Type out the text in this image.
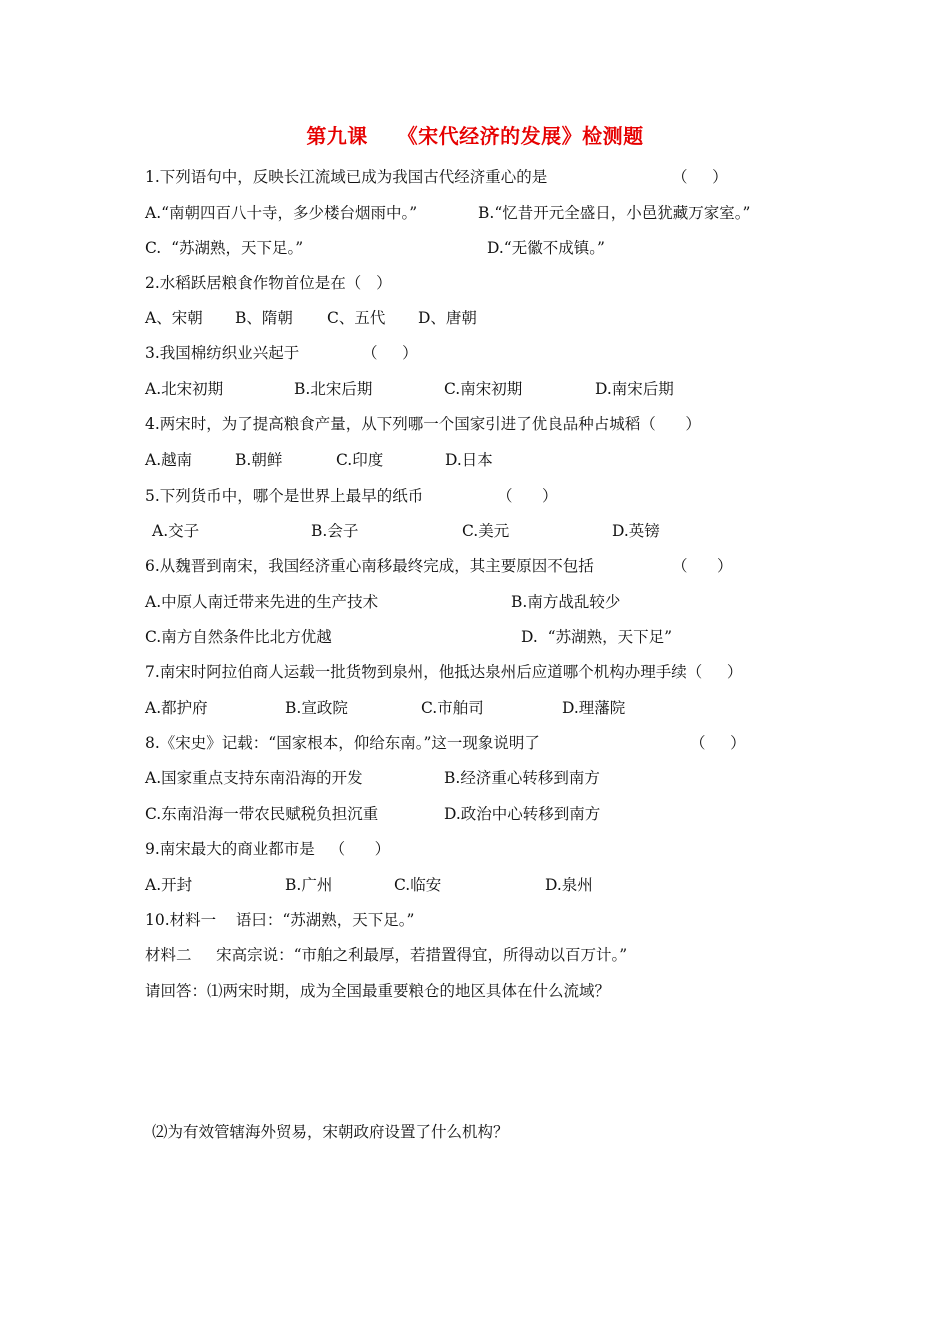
第九课    《宋代经济的发展》检测题
1.下列语句中，反映长江流域已成为我国古代经济重心的是	（     ）
A.“南朝四百八十寺，多少楼台烟雨中。”	B.“忆昔开元全盛日，小邑犹藏万家室。”
C.  “苏湖熟，天下足。”	D.“无徽不成镇。”
2.水稻跃居粮食作物首位是在（   ）
A、宋朝 B、隋朝 C、五代 D、唐朝
3.我国棉纺织业兴起于	（     ）
A.北宋初期	B.北宋后期	C.南宋初期	D.南宋后期
4.两宋时，为了提高粮食产量，从下列哪一个国家引进了优良品种占城稻（      ）
A.越南	B.朝鲜	C.印度	D.日本
5.下列货币中，哪个是世界上最早的纸币	（      ）
A.交子	B.会子	C.美元	D.英镑
6.从魏晋到南宋，我国经济重心南移最终完成，其主要原因不包括	（      ）
A.中原人南迁带来先进的生产技术	B.南方战乱较少
C.南方自然条件比北方优越	D.  “苏湖熟，天下足”
7.南宋时阿拉伯商人运载一批货物到泉州，他抵达泉州后应道哪个机构办理手续（     ）
A.都护府	B.宣政院	C.市舶司	D.理藩院
8.《宋史》记载：“国家根本，仰给东南。”这一现象说明了	（     ）
A.国家重点支持东南沿海的开发	B.经济重心转移到南方
C.东南沿海一带农民赋税负担沉重	D.政治中心转移到南方
9.南宋最大的商业都市是   （      ）
A.开封	B.广州	C.临安	D.泉州
10.材料一    语曰：“苏湖熟，天下足。”
材料二     宋高宗说：“市舶之利最厚，若措置得宜，所得动以百万计。”
请回答：⑴两宋时期，成为全国最重要粮仓的地区具体在什么流域？
⑵为有效管辖海外贸易，宋朝政府设置了什么机构？
